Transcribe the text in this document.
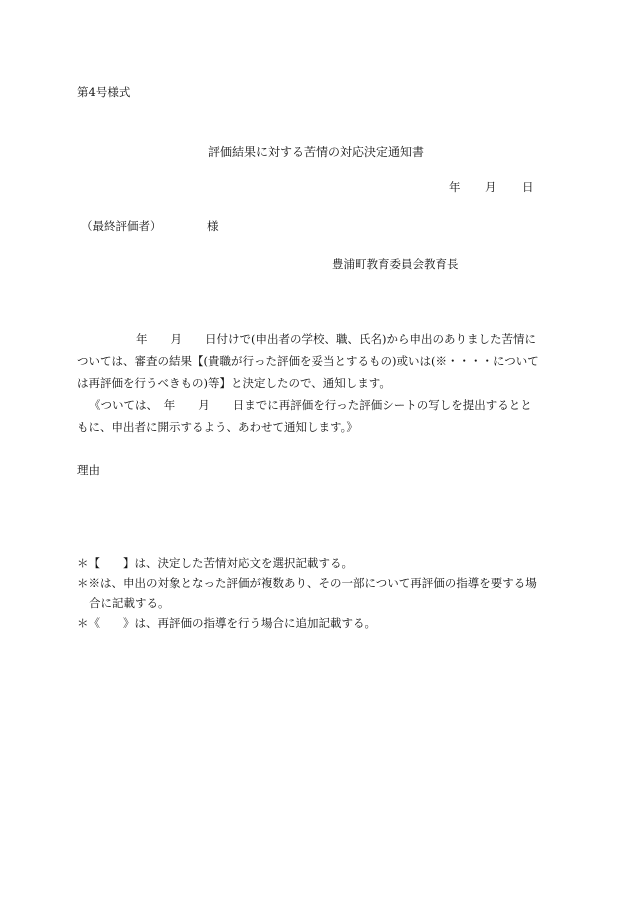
第4号様式
評価結果に対する苦情の対応決定通知書
年 月 日
（最終評価者）	様
豊浦町教育委員会教育長
年　　月　　日付けで(申出者の学校、職、氏名)から申出のありました苦情に
ついては、審査の結果【(貴職が行った評価を妥当とするもの)或いは(※・・・・について
は再評価を行うべきもの)等】と決定したので、通知します。
《ついては、　年　　月　　日までに再評価を行った評価シートの写しを提出するとと
もに、申出者に開示するよう、あわせて通知します。》
理由
＊【　　】は、決定した苦情対応文を選択記載する。
＊※は、申出の対象となった評価が複数あり、その一部について再評価の指導を要する場
合に記載する。
＊《　　》は、再評価の指導を行う場合に追加記載する。
